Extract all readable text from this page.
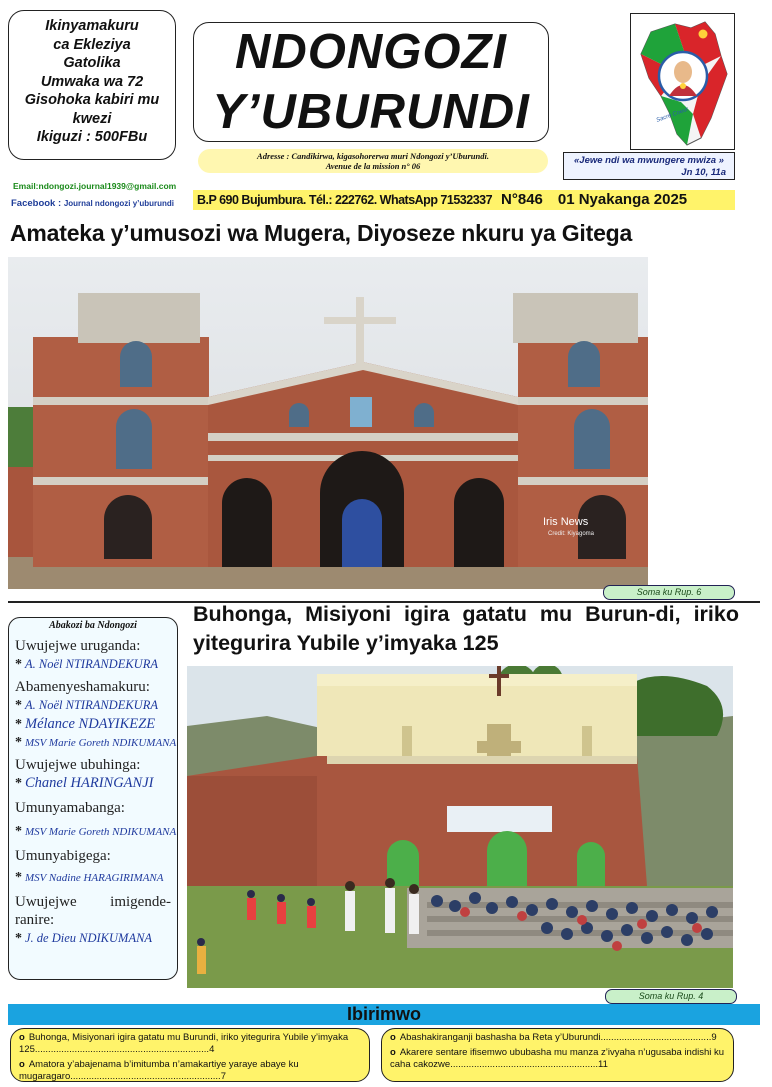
Ikinyamakuru
ca Ekleziya
Gatolika
Umwaka wa 72
Gisohoka kabiri mu
kwezi
Ikiguzi : 500FBu
NDONGOZI
Y’UBURUNDI
Adresse : Candikirwa, kigasohorerwa muri Ndongozi y’Uburundi.
Avenue de la mission n° 06
Sacré Coeur
«Jewe ndi wa mwungere mwiza »
Jn 10, 11a
Email:ndongozi.journal1939@gmail.com
Facebook : Journal ndongozi y’uburundi	B.P 690 Bujumbura. Tél.: 222762. WhatsApp 71532337 N°846 01 Nyakanga 2025
Amateka y’umusozi wa Mugera, Diyoseze nkuru ya Gitega
Iris News
Credit: Kiyagoma
Soma ku Rup. 6
Abakozi ba Ndongozi
Uwujejwe uruganda:
* A. Noël NTIRANDEKURA
Abamenyeshamakuru:
* A. Noël NTIRANDEKURA
* Mélance NDAYIKEZE
* MSV Marie Goreth NDIKUMANA
Uwujejwe ubuhinga:
* Chanel HARINGANJI
Umunyamabanga:
* MSV Marie Goreth NDIKUMANA
Umunyabigega:
* MSV Nadine HARAGIRIMANA
Uwujejwe imigende-ranire:
* J. de Dieu NDIKUMANA
Buhonga, Misiyoni igira gatatu mu Burun-di, iriko yitegurira Yubile y’imyaka 125
Soma ku Rup. 4
Ibirimwo
o Buhonga, Misiyonari igira gatatu mu Burundi, iriko yitegurira Yubile y’imyaka 125..................................................................4
o Amatora y’abajenama b’imitumba n’amakartiye yaraye abaye ku mugaragaro.........................................................7
o Abashakiranganji bashasha ba Reta y’Uburundi..........................................9
o Akarere sentare ifisemwo ububasha mu manza z’ivyaha n’ugusaba indishi ku caha cakozwe........................................................11
